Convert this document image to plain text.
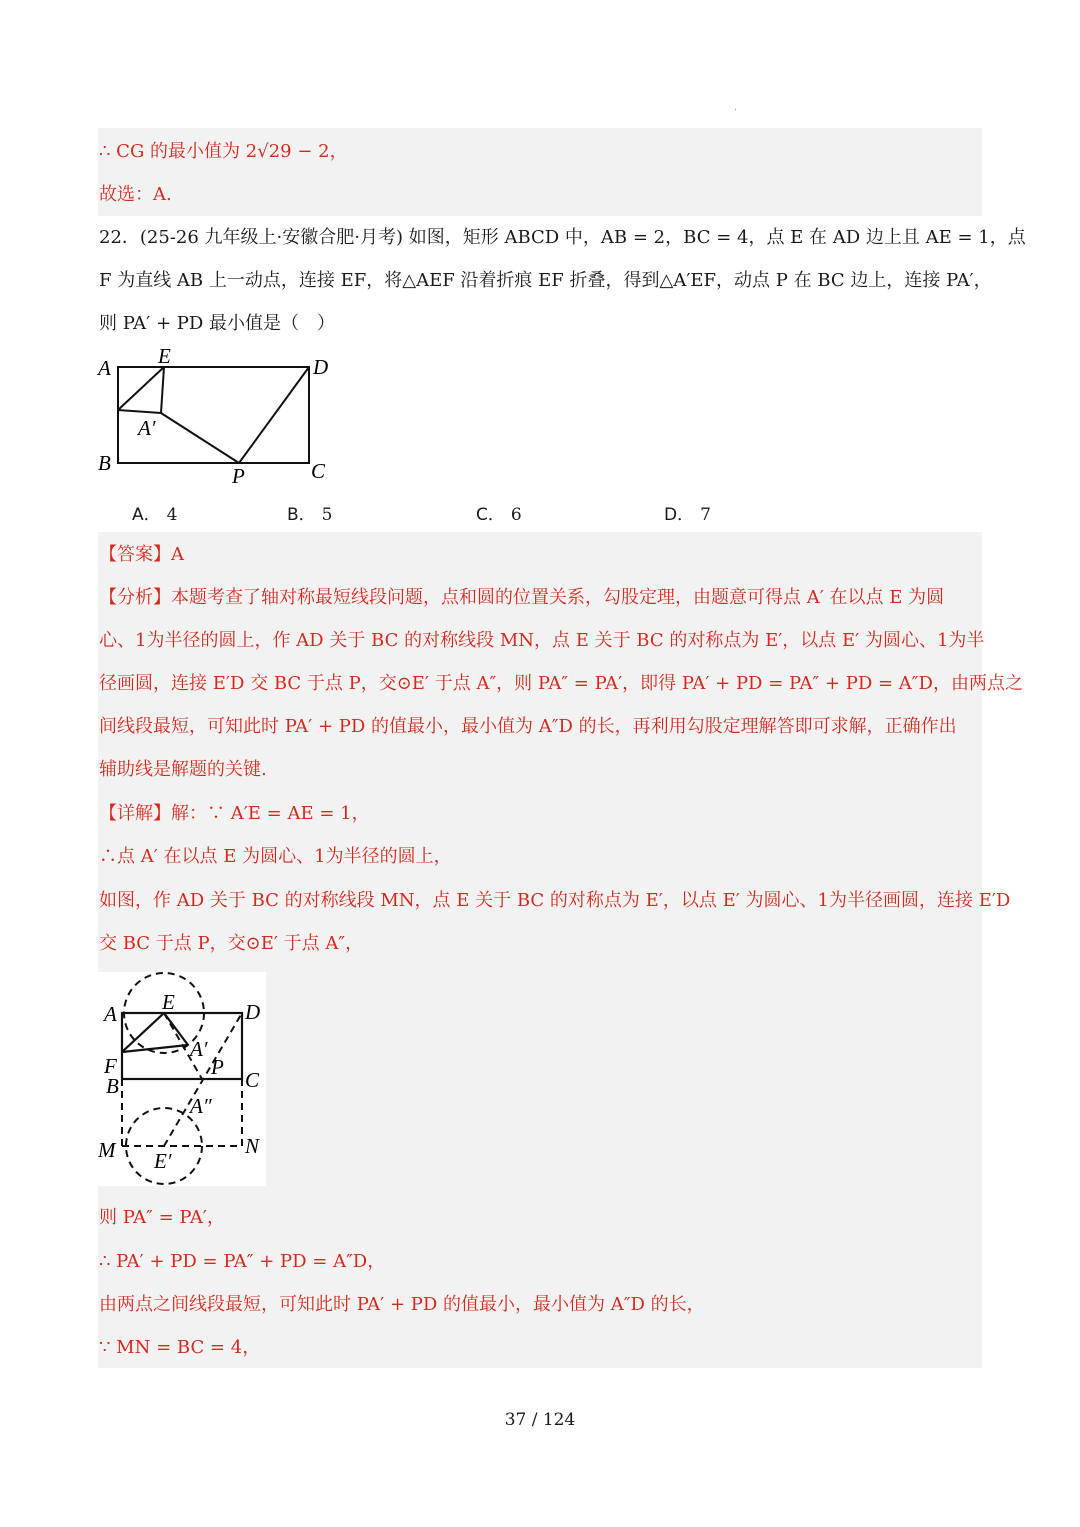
ʼ
∴ CG 的最小值为 2√29 − 2，
故选：A.
22．(25-26 九年级上·安徽合肥·月考) 如图，矩形 ABCD 中，AB = 2，BC = 4，点 E 在 AD 边上且 AE = 1，点
F 为直线 AB 上一动点，连接 EF，将△AEF 沿着折痕 EF 折叠，得到△A′EF，动点 P 在 BC 边上，连接 PA′，
则 PA′ + PD 最小值是（　）
A E	D
A′
B
P	C
A． 4	B． 5	C． 6	D． 7
【答案】A
【分析】本题考查了轴对称最短线段问题，点和圆的位置关系，勾股定理，由题意可得点 A′ 在以点 E 为圆
心、1为半径的圆上，作 AD 关于 BC 的对称线段 MN，点 E 关于 BC 的对称点为 E′，以点 E′ 为圆心、1为半
径画圆，连接 E′D 交 BC 于点 P，交⊙E′ 于点 A″，则 PA″ = PA′，即得 PA′ + PD = PA″ + PD = A″D，由两点之
间线段最短，可知此时 PA′ + PD 的值最小，最小值为 A″D 的长，再利用勾股定理解答即可求解，正确作出
辅助线是解题的关键.
【详解】解：∵ A′E = AE = 1，
∴点 A′ 在以点 E 为圆心、1为半径的圆上，
如图，作 AD 关于 BC 的对称线段 MN，点 E 关于 BC 的对称点为 E′，以点 E′ 为圆心、1为半径画圆，连接 E′D
交 BC 于点 P，交⊙E′ 于点 A″，
A E	D
F
A′
P
B	C
A″
M	N
E′
则 PA″ = PA′，
∴ PA′ + PD = PA″ + PD = A″D，
由两点之间线段最短，可知此时 PA′ + PD 的值最小，最小值为 A″D 的长，
∵ MN = BC = 4，
37 / 124
